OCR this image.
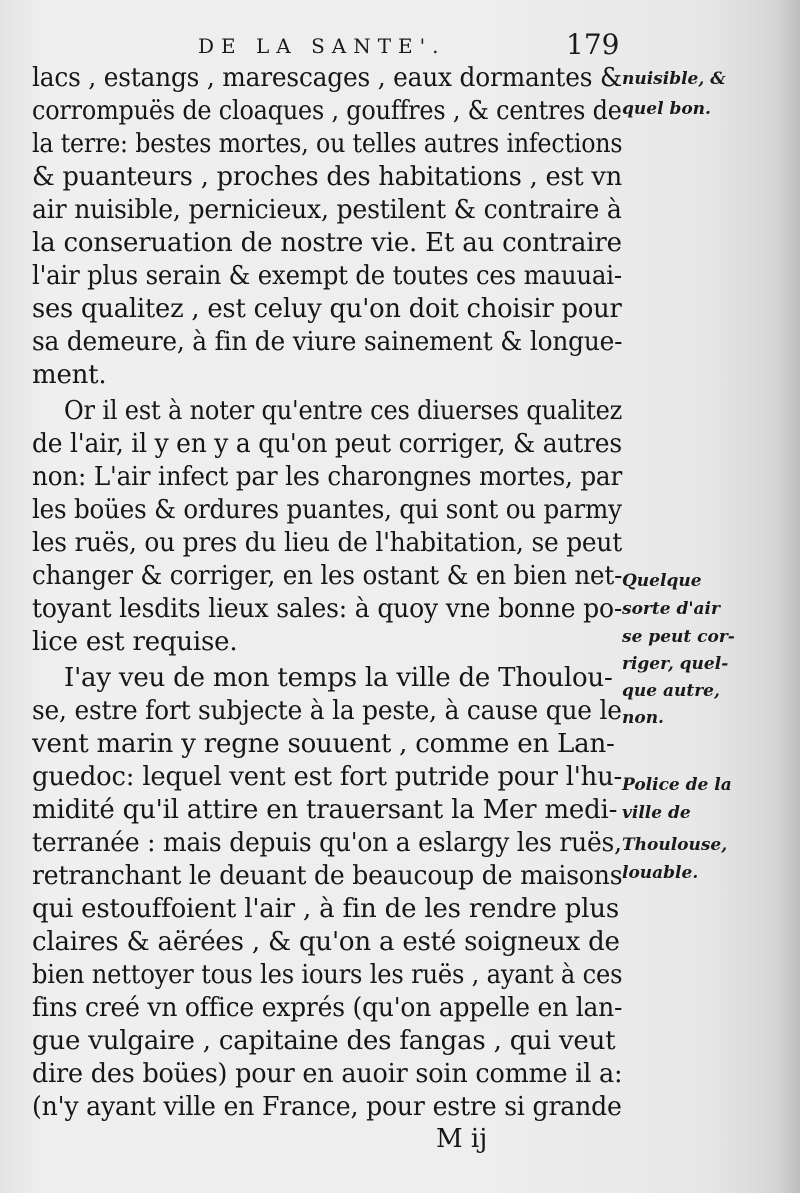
DE LA SANTE'.	179
lacs , estangs , marescages , eaux dormantes &
corrompuës de cloaques , gouffres , & centres de
la terre: bestes mortes, ou telles autres infections
& puanteurs , proches des habitations , est vn
air nuisible, pernicieux, pestilent & contraire à
la conseruation de nostre vie. Et au contraire
l'air plus serain & exempt de toutes ces mauuai-
ses qualitez , est celuy qu'on doit choisir pour
sa demeure, à fin de viure sainement & longue-
ment.
Or il est à noter qu'entre ces diuerses qualitez
de l'air, il y en y a qu'on peut corriger, & autres
non: L'air infect par les charongnes mortes, par
les boües & ordures puantes, qui sont ou parmy
les ruës, ou pres du lieu de l'habitation, se peut
changer & corriger, en les ostant & en bien net-
toyant lesdits lieux sales: à quoy vne bonne po-
lice est requise.
I'ay veu de mon temps la ville de Thoulou-
se, estre fort subjecte à la peste, à cause que le
vent marin y regne souuent , comme en Lan-
guedoc: lequel vent est fort putride pour l'hu-
midité qu'il attire en trauersant la Mer medi-
terranée : mais depuis qu'on a eslargy les ruës,
retranchant le deuant de beaucoup de maisons
qui estouffoient l'air , à fin de les rendre plus
claires & aërées , & qu'on a esté soigneux de
bien nettoyer tous les iours les ruës , ayant à ces
fins creé vn office exprés (qu'on appelle en lan-
gue vulgaire , capitaine des fangas , qui veut
dire des boües) pour en auoir soin comme il a:
(n'y ayant ville en France, pour estre si grande
nuisible, &
quel bon.
Quelque
sorte d'air
se peut cor-
riger, quel-
que autre,
non.
Police de la
ville de
Thoulouse,
louable.
M ij
